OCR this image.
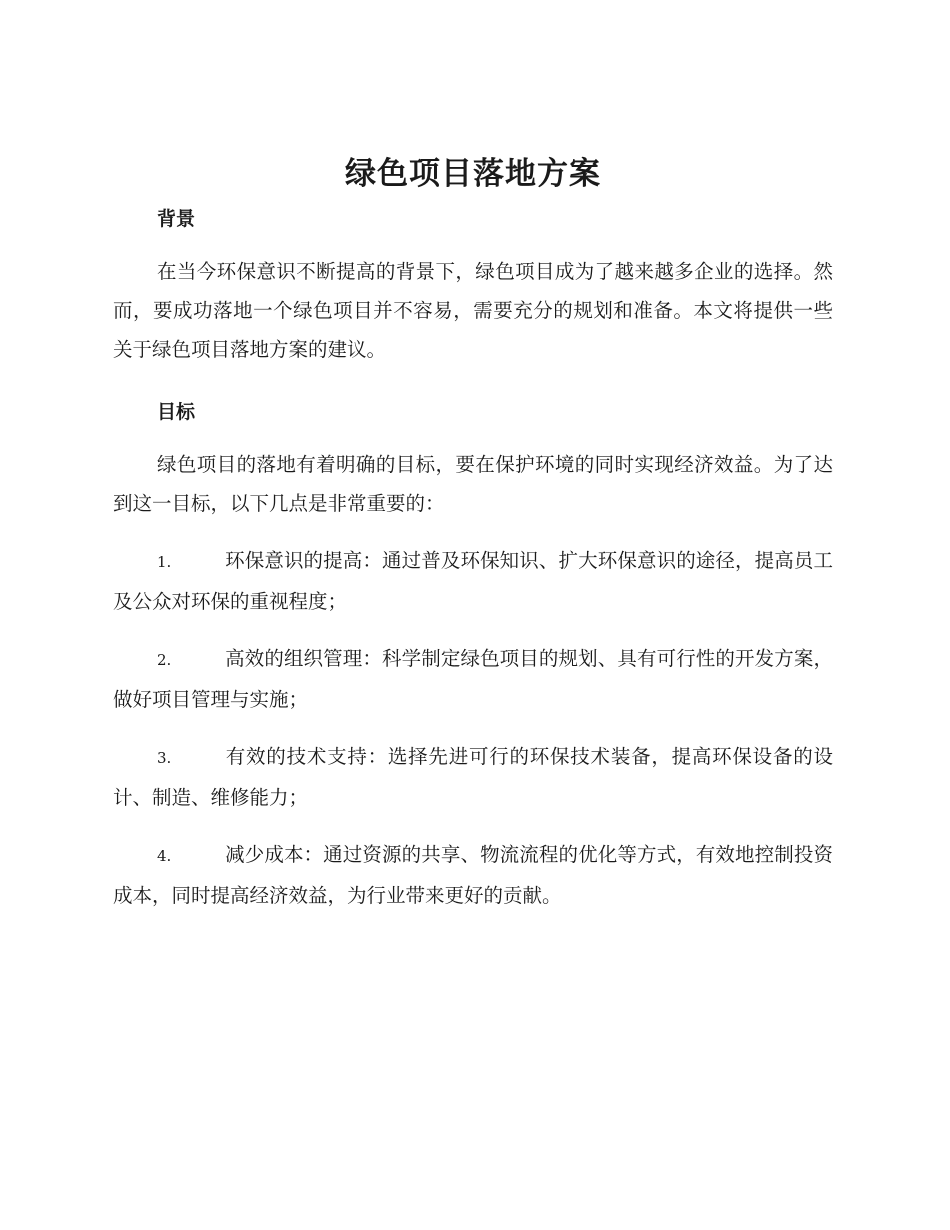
绿色项目落地方案
背景

在当今环保意识不断提高的背景下，绿色项目成为了越来越多企业的选择。然而，要成功落地一个绿色项目并不容易，需要充分的规划和准备。本文将提供一些关于绿色项目落地方案的建议。

目标

绿色项目的落地有着明确的目标，要在保护环境的同时实现经济效益。为了达到这一目标，以下几点是非常重要的：

1.	环保意识的提高：通过普及环保知识、扩大环保意识的途径，提高员工及公众对环保的重视程度；

2.	高效的组织管理：科学制定绿色项目的规划、具有可行性的开发方案，做好项目管理与实施；

3.	有效的技术支持：选择先进可行的环保技术装备，提高环保设备的设计、制造、维修能力；

4.	减少成本：通过资源的共享、物流流程的优化等方式，有效地控制投资成本，同时提高经济效益，为行业带来更好的贡献。
